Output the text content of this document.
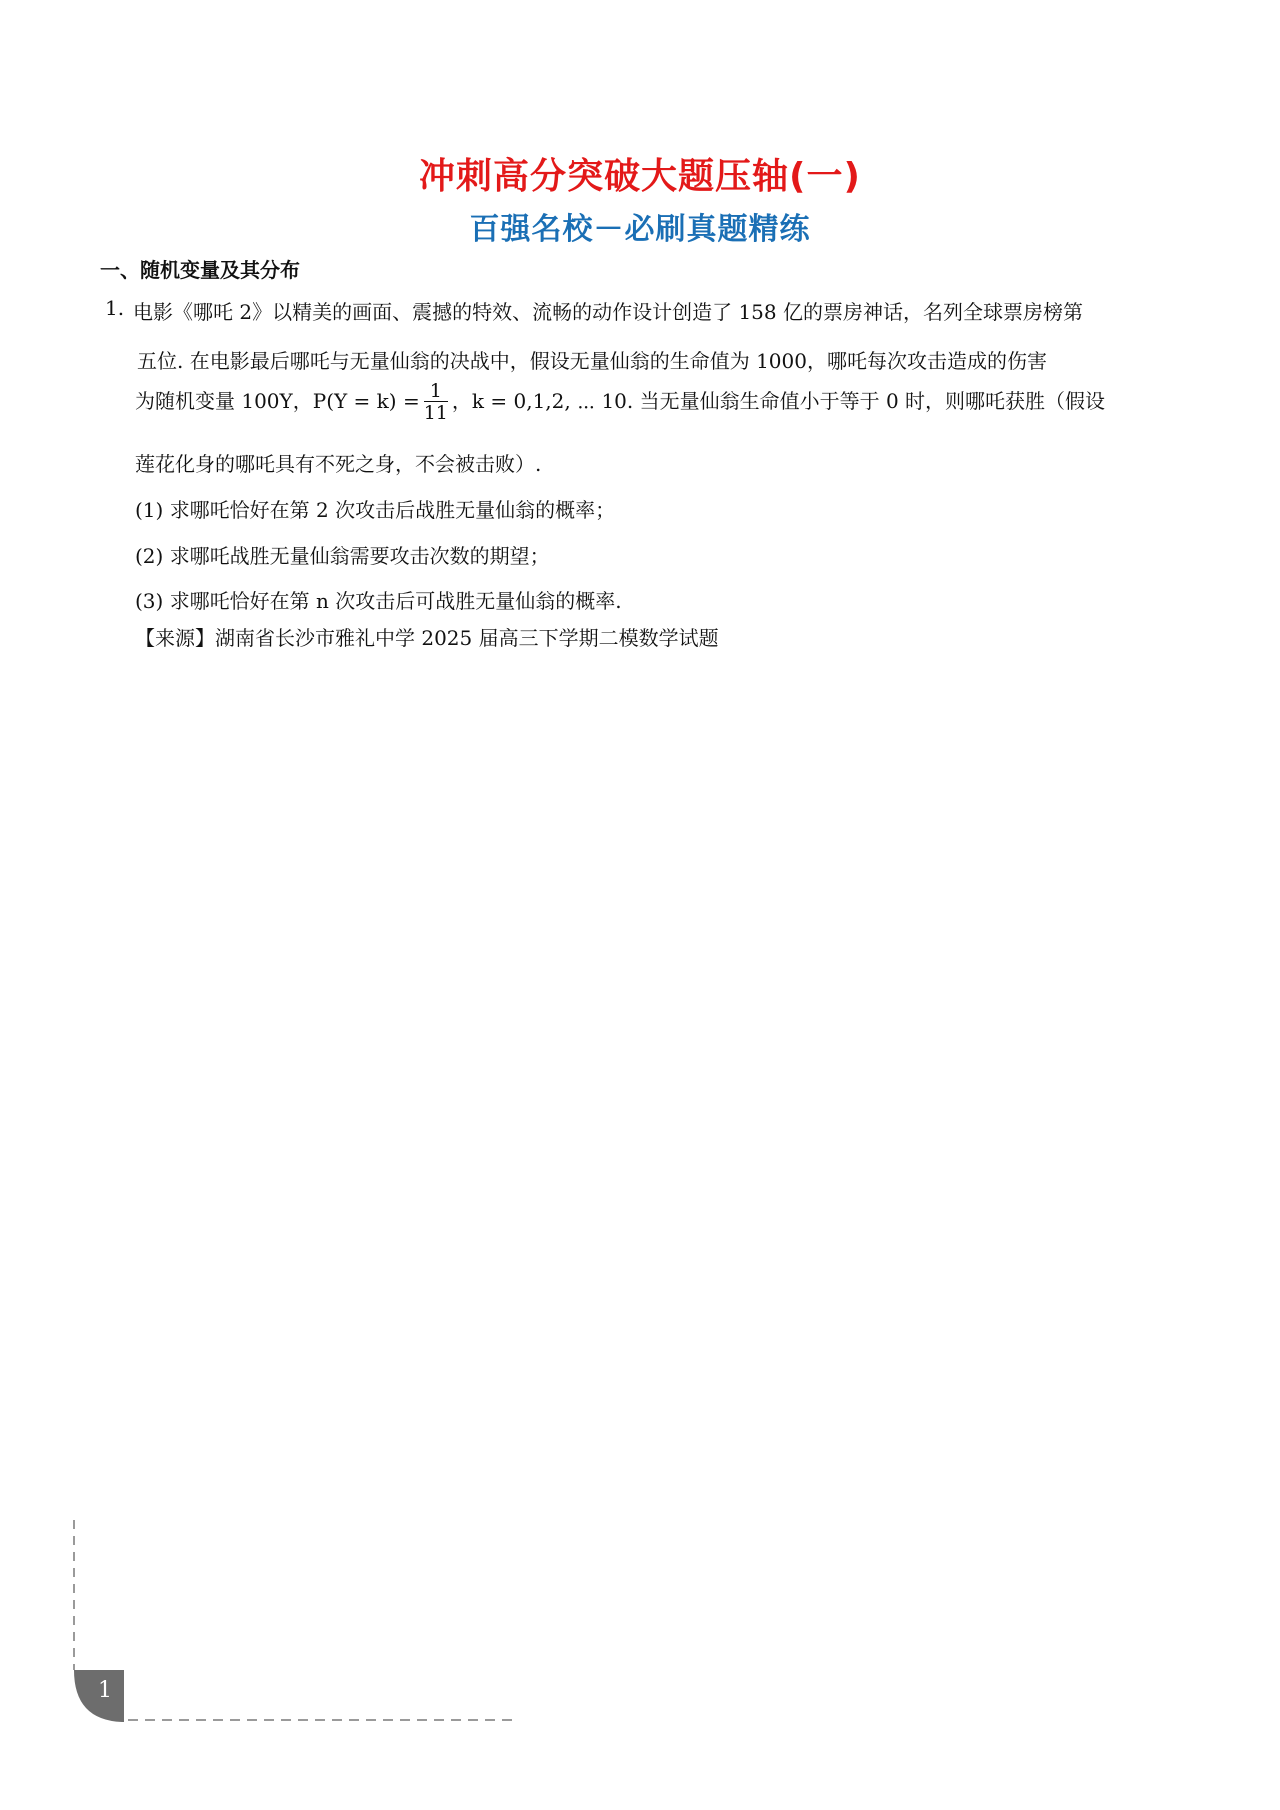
冲刺高分突破大题压轴(一)
百强名校－必刷真题精练
一、随机变量及其分布
1. 电影《哪吒 2》以精美的画面、震撼的特效、流畅的动作设计创造了 158 亿的票房神话，名列全球票房榜第
五位. 在电影最后哪吒与无量仙翁的决战中，假设无量仙翁的生命值为 1000，哪吒每次攻击造成的伤害
为随机变量 100Y，$P(Y = k) = \frac{1}{11}$ ，k = 0,1,2, ⋯ 10. 当无量仙翁生命值小于等于 0 时，则哪吒获胜（假设
莲花化身的哪吒具有不死之身，不会被击败）.
(1) 求哪吒恰好在第 2 次攻击后战胜无量仙翁的概率；
(2) 求哪吒战胜无量仙翁需要攻击次数的期望；
(3) 求哪吒恰好在第 n 次攻击后可战胜无量仙翁的概率.
【来源】湖南省长沙市雅礼中学 2025 届高三下学期二模数学试题
1
